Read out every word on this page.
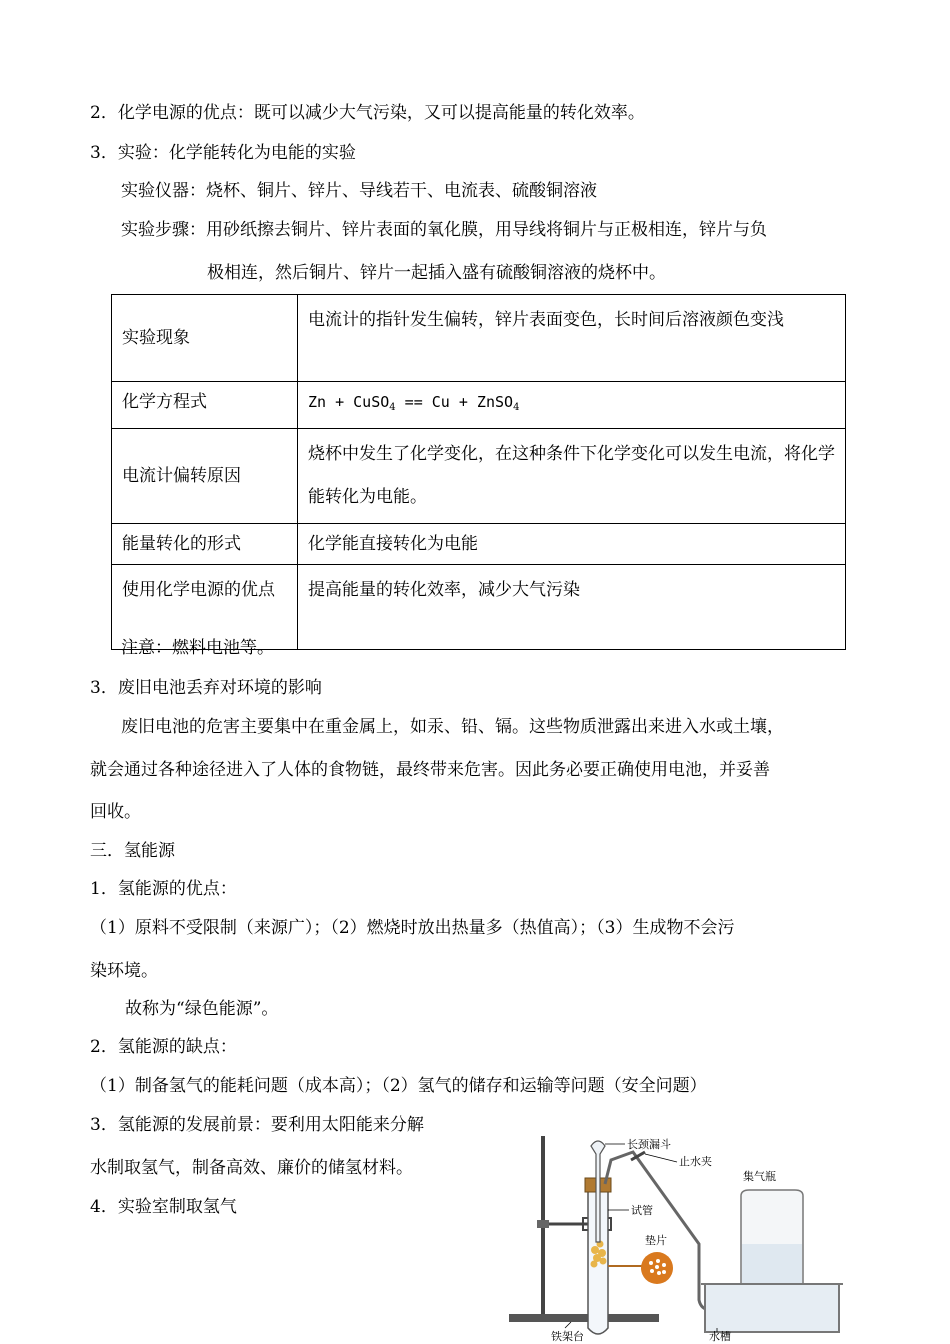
2．化学电源的优点：既可以减少大气污染，又可以提高能量的转化效率。
3．实验：化学能转化为电能的实验
实验仪器：烧杯、铜片、锌片、导线若干、电流表、硫酸铜溶液
实验步骤：用砂纸擦去铜片、锌片表面的氧化膜，用导线将铜片与正极相连，锌片与负
极相连，然后铜片、锌片一起插入盛有硫酸铜溶液的烧杯中。
实验现象	电流计的指针发生偏转，锌片表面变色，长时间后溶液颜色变浅
化学方程式	Zn + CuSO$_4$ == Cu + ZnSO$_4$
电流计偏转原因	烧杯中发生了化学变化，在这种条件下化学变化可以发生电流，将化学能转化为电能。
能量转化的形式	化学能直接转化为电能
使用化学电源的优点	提高能量的转化效率，减少大气污染
注意：燃料电池等。
3．废旧电池丢弃对环境的影响
废旧电池的危害主要集中在重金属上，如汞、铅、镉。这些物质泄露出来进入水或土壤，
就会通过各种途径进入了人体的食物链，最终带来危害。因此务必要正确使用电池，并妥善
回收。
三．氢能源
1．氢能源的优点：
（1）原料不受限制（来源广）；（2）燃烧时放出热量多（热值高）；（3）生成物不会污
染环境。
故称为“绿色能源”。
2．氢能源的缺点：
（1）制备氢气的能耗问题（成本高）；（2）氢气的储存和运输等问题（安全问题）
3．氢能源的发展前景：要利用太阳能来分解
水制取氢气，制备高效、廉价的储氢材料。
4．实验室制取氢气
长颈漏斗
止水夹
集气瓶
试管
垫片
铁架台	水槽
